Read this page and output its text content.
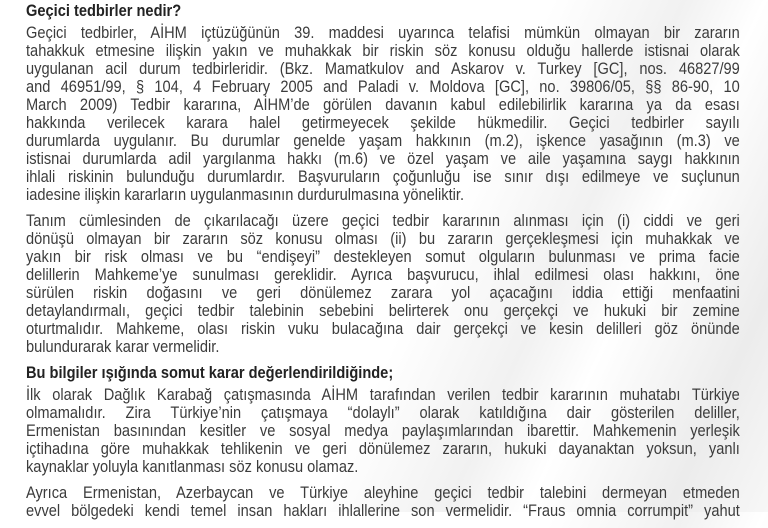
Geçici tedbirler nedir?
Geçici tedbirler, AİHM içtüzüğünün 39. maddesi uyarınca telafisi mümkün olmayan bir zararın
tahakkuk etmesine ilişkin yakın ve muhakkak bir riskin söz konusu olduğu hallerde istisnai olarak
uygulanan acil durum tedbirleridir. (Bkz. Mamatkulov and Askarov v. Turkey [GC], nos. 46827/99
and 46951/99, § 104, 4 February 2005 and Paladi v. Moldova [GC], no. 39806/05, §§ 86-90, 10
March 2009) Tedbir kararına, AİHM’de görülen davanın kabul edilebilirlik kararına ya da esası
hakkında verilecek karara halel getirmeyecek şekilde hükmedilir. Geçici tedbirler sayılı
durumlarda uygulanır. Bu durumlar genelde yaşam hakkının (m.2), işkence yasağının (m.3) ve
istisnai durumlarda adil yargılanma hakkı (m.6) ve özel yaşam ve aile yaşamına saygı hakkının
ihlali riskinin bulunduğu durumlardır. Başvuruların çoğunluğu ise sınır dışı edilmeye ve suçlunun
iadesine ilişkin kararların uygulanmasının durdurulmasına yöneliktir.
Tanım cümlesinden de çıkarılacağı üzere geçici tedbir kararının alınması için (i) ciddi ve geri
dönüşü olmayan bir zararın söz konusu olması (ii) bu zararın gerçekleşmesi için muhakkak ve
yakın bir risk olması ve bu “endişeyi” destekleyen somut olguların bulunması ve prima facie
delillerin Mahkeme’ye sunulması gereklidir. Ayrıca başvurucu, ihlal edilmesi olası hakkını, öne
sürülen riskin doğasını ve geri dönülemez zarara yol açacağını iddia ettiği menfaatini
detaylandırmalı, geçici tedbir talebinin sebebini belirterek onu gerçekçi ve hukuki bir zemine
oturtmalıdır. Mahkeme, olası riskin vuku bulacağına dair gerçekçi ve kesin delilleri göz önünde
bulundurarak karar vermelidir.
Bu bilgiler ışığında somut karar değerlendirildiğinde;
İlk olarak Dağlık Karabağ çatışmasında AİHM tarafından verilen tedbir kararının muhatabı Türkiye
olmamalıdır. Zira Türkiye’nin çatışmaya “dolaylı” olarak katıldığına dair gösterilen deliller,
Ermenistan basınından kesitler ve sosyal medya paylaşımlarından ibarettir. Mahkemenin yerleşik
içtihadına göre muhakkak tehlikenin ve geri dönülemez zararın, hukuki dayanaktan yoksun, yanlı
kaynaklar yoluyla kanıtlanması söz konusu olamaz.
Ayrıca Ermenistan, Azerbaycan ve Türkiye aleyhine geçici tedbir talebini dermeyan etmeden
evvel bölgedeki kendi temel insan hakları ihlallerine son vermelidir. “Fraus omnia corrumpit” yahut
